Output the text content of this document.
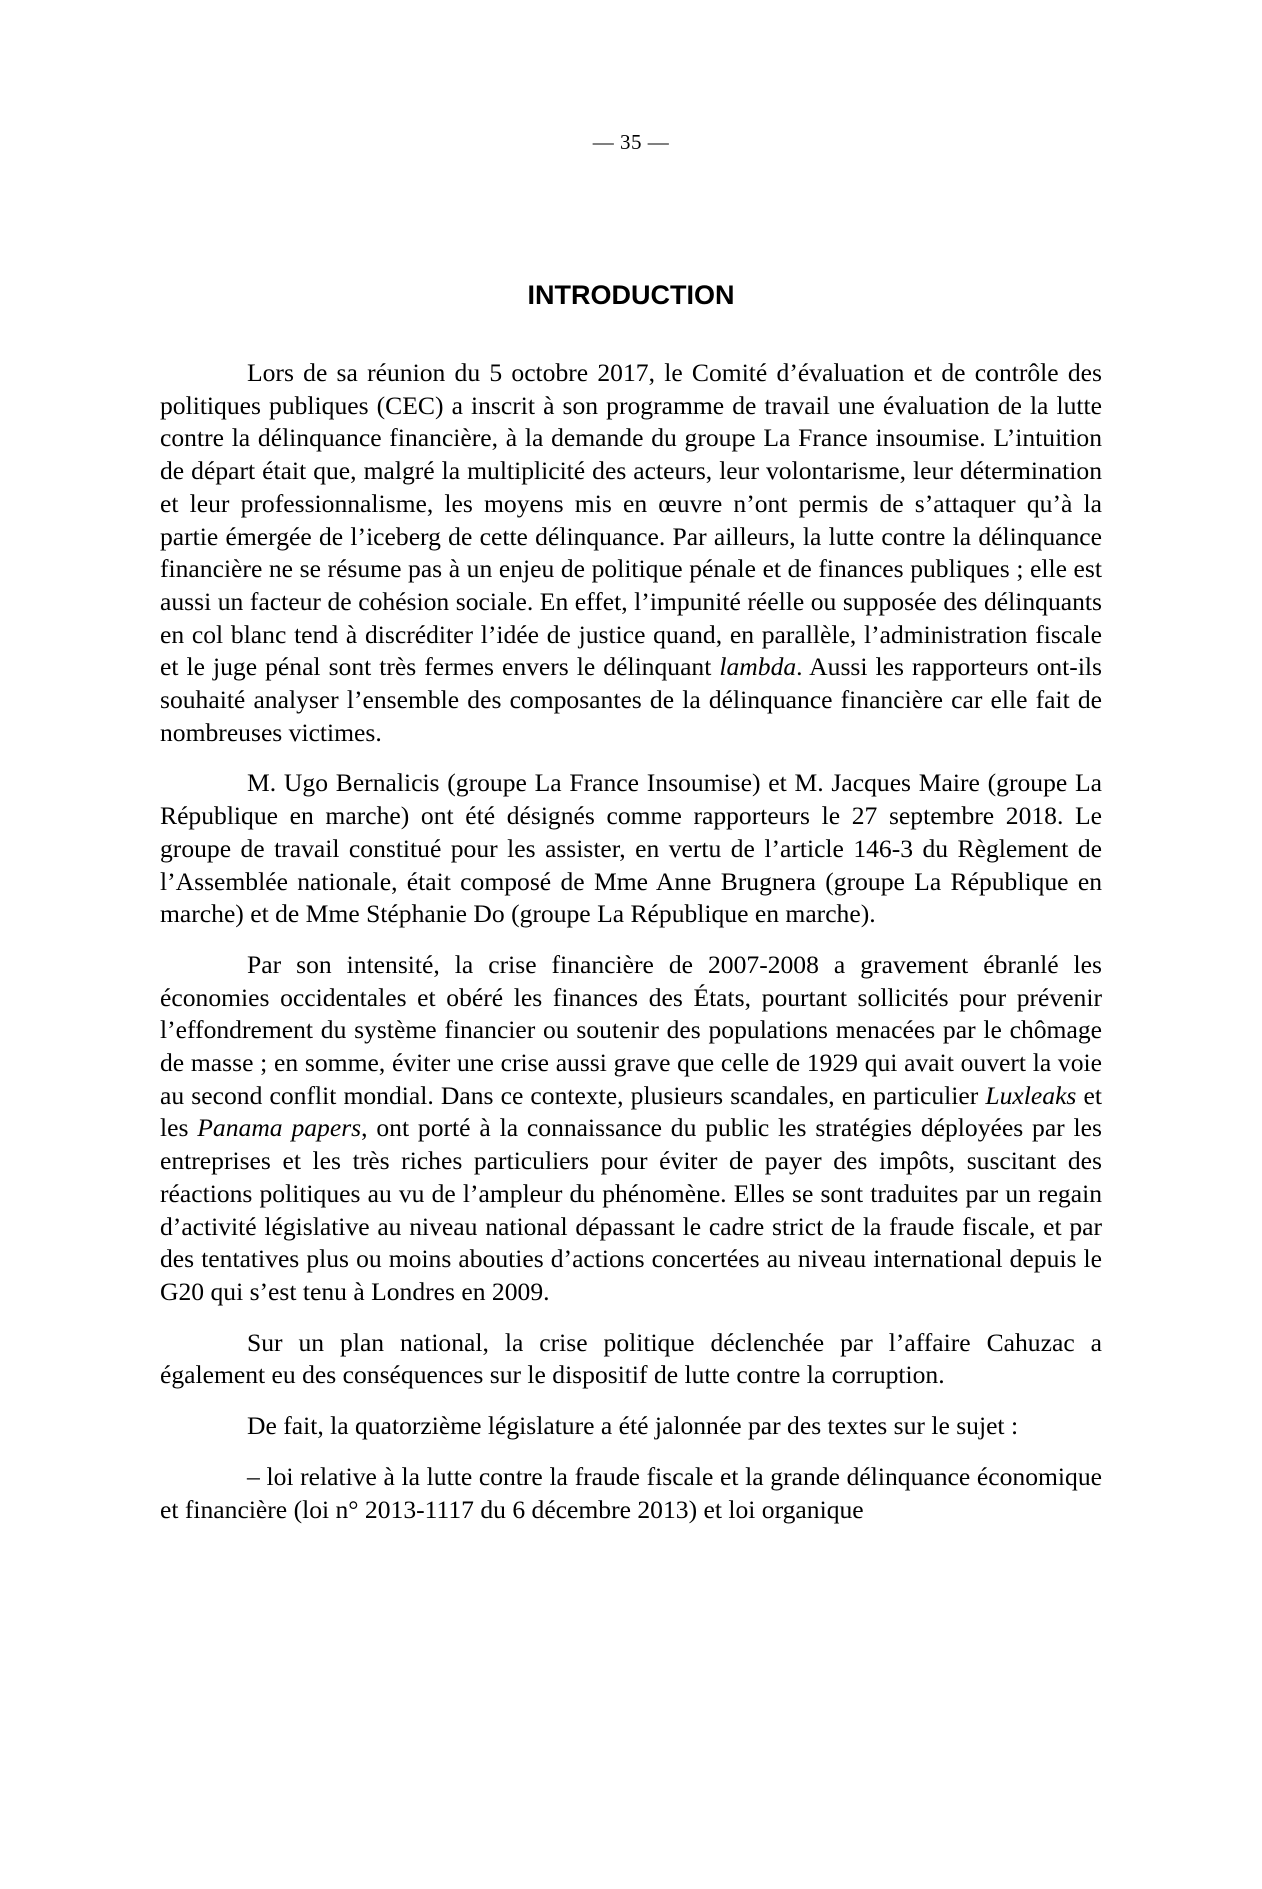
— 35 —
INTRODUCTION

Lors de sa réunion du 5 octobre 2017, le Comité d’évaluation et de contrôle des politiques publiques (CEC) a inscrit à son programme de travail une évaluation de la lutte contre la délinquance financière, à la demande du groupe La France insoumise. L’intuition de départ était que, malgré la multiplicité des acteurs, leur volontarisme, leur détermination et leur professionnalisme, les moyens mis en œuvre n’ont permis de s’attaquer qu’à la partie émergée de l’iceberg de cette délinquance. Par ailleurs, la lutte contre la délinquance financière ne se résume pas à un enjeu de politique pénale et de finances publiques ; elle est aussi un facteur de cohésion sociale. En effet, l’impunité réelle ou supposée des délinquants en col blanc tend à discréditer l’idée de justice quand, en parallèle, l’administration fiscale et le juge pénal sont très fermes envers le délinquant lambda. Aussi les rapporteurs ont-ils souhaité analyser l’ensemble des composantes de la délinquance financière car elle fait de nombreuses victimes.

M. Ugo Bernalicis (groupe La France Insoumise) et M. Jacques Maire (groupe La République en marche) ont été désignés comme rapporteurs le 27 septembre 2018. Le groupe de travail constitué pour les assister, en vertu de l’article 146-3 du Règlement de l’Assemblée nationale, était composé de Mme Anne Brugnera (groupe La République en marche) et de Mme Stéphanie Do (groupe La République en marche).

Par son intensité, la crise financière de 2007-2008 a gravement ébranlé les économies occidentales et obéré les finances des États, pourtant sollicités pour prévenir l’effondrement du système financier ou soutenir des populations menacées par le chômage de masse ; en somme, éviter une crise aussi grave que celle de 1929 qui avait ouvert la voie au second conflit mondial. Dans ce contexte, plusieurs scandales, en particulier Luxleaks et les Panama papers, ont porté à la connaissance du public les stratégies déployées par les entreprises et les très riches particuliers pour éviter de payer des impôts, suscitant des réactions politiques au vu de l’ampleur du phénomène. Elles se sont traduites par un regain d’activité législative au niveau national dépassant le cadre strict de la fraude fiscale, et par des tentatives plus ou moins abouties d’actions concertées au niveau international depuis le G20 qui s’est tenu à Londres en 2009.

Sur un plan national, la crise politique déclenchée par l’affaire Cahuzac a également eu des conséquences sur le dispositif de lutte contre la corruption.

De fait, la quatorzième législature a été jalonnée par des textes sur le sujet :

– loi relative à la lutte contre la fraude fiscale et la grande délinquance économique et financière (loi n° 2013-1117 du 6 décembre 2013) et loi organique
